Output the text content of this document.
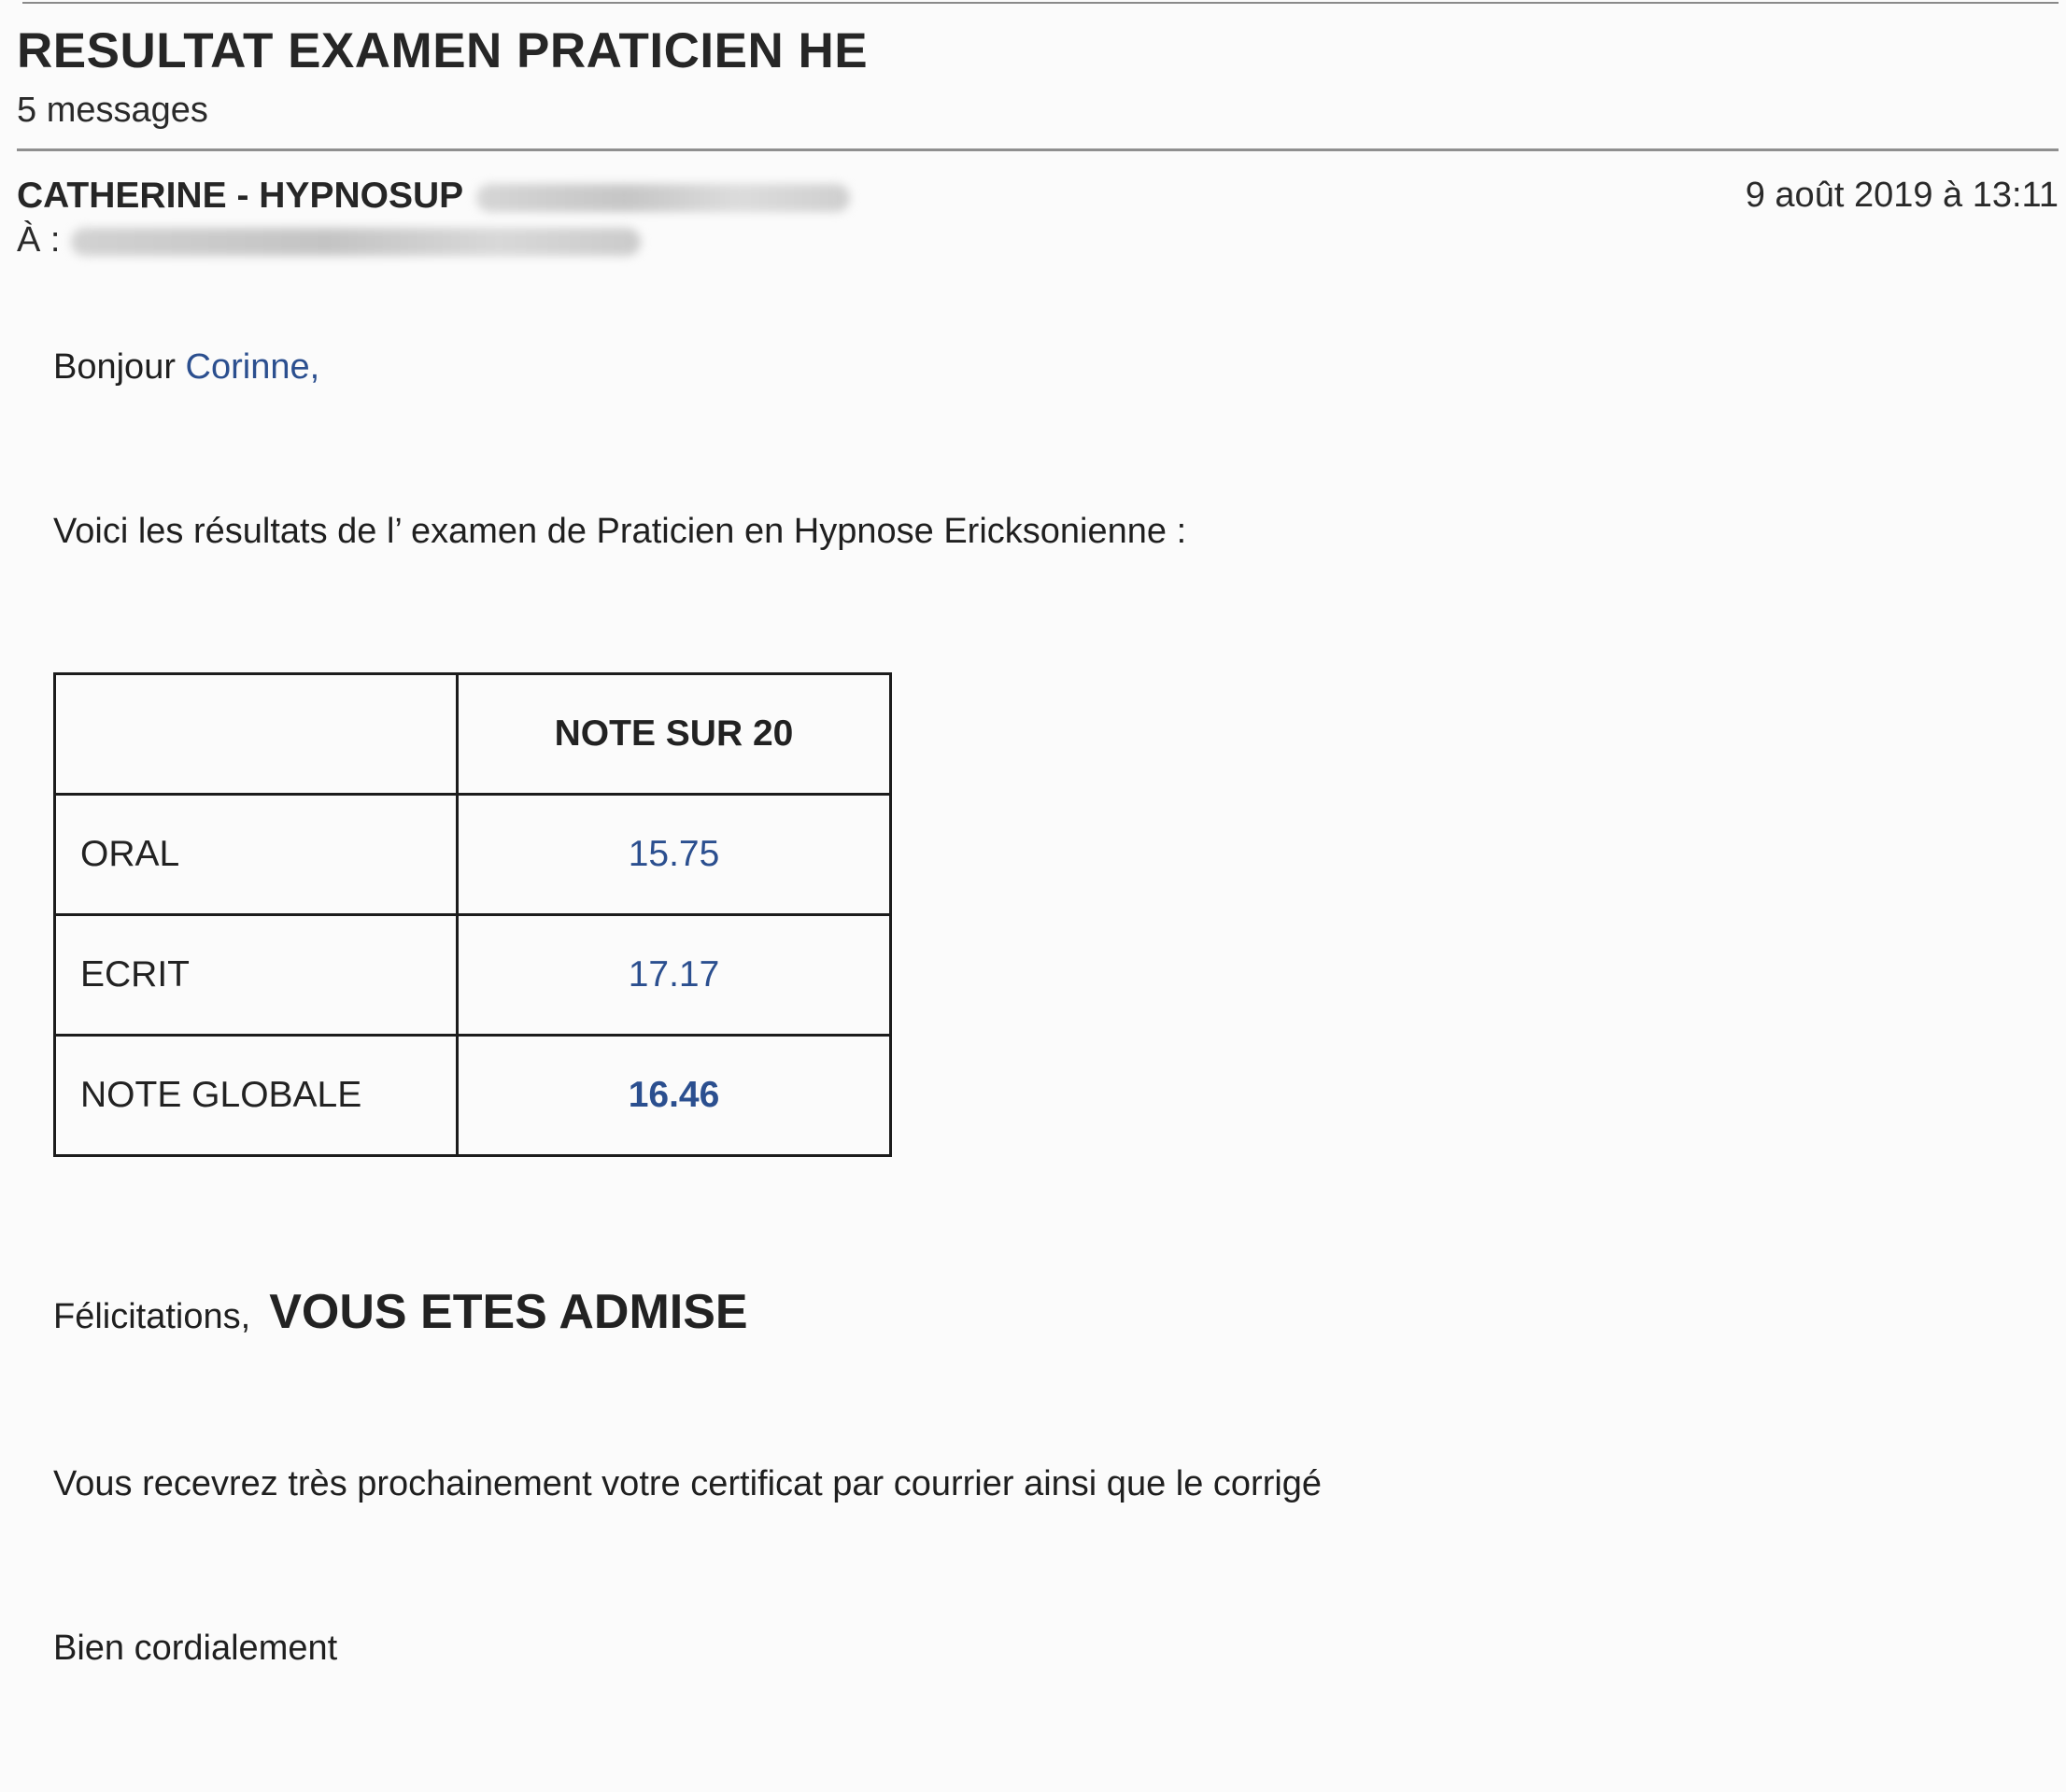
RESULTAT EXAMEN PRATICIEN HE
5 messages
CATHERINE - HYPNOSUP	9 août 2019 à 13:11
À :
Bonjour Corinne,
Voici les résultats de l’ examen de Praticien en Hypnose Ericksonienne :
	NOTE SUR 20
ORAL	15.75
ECRIT	17.17
NOTE GLOBALE	16.46
Félicitations, VOUS ETES ADMISE
Vous recevrez très prochainement votre certificat par courrier ainsi que le corrigé
Bien cordialement
